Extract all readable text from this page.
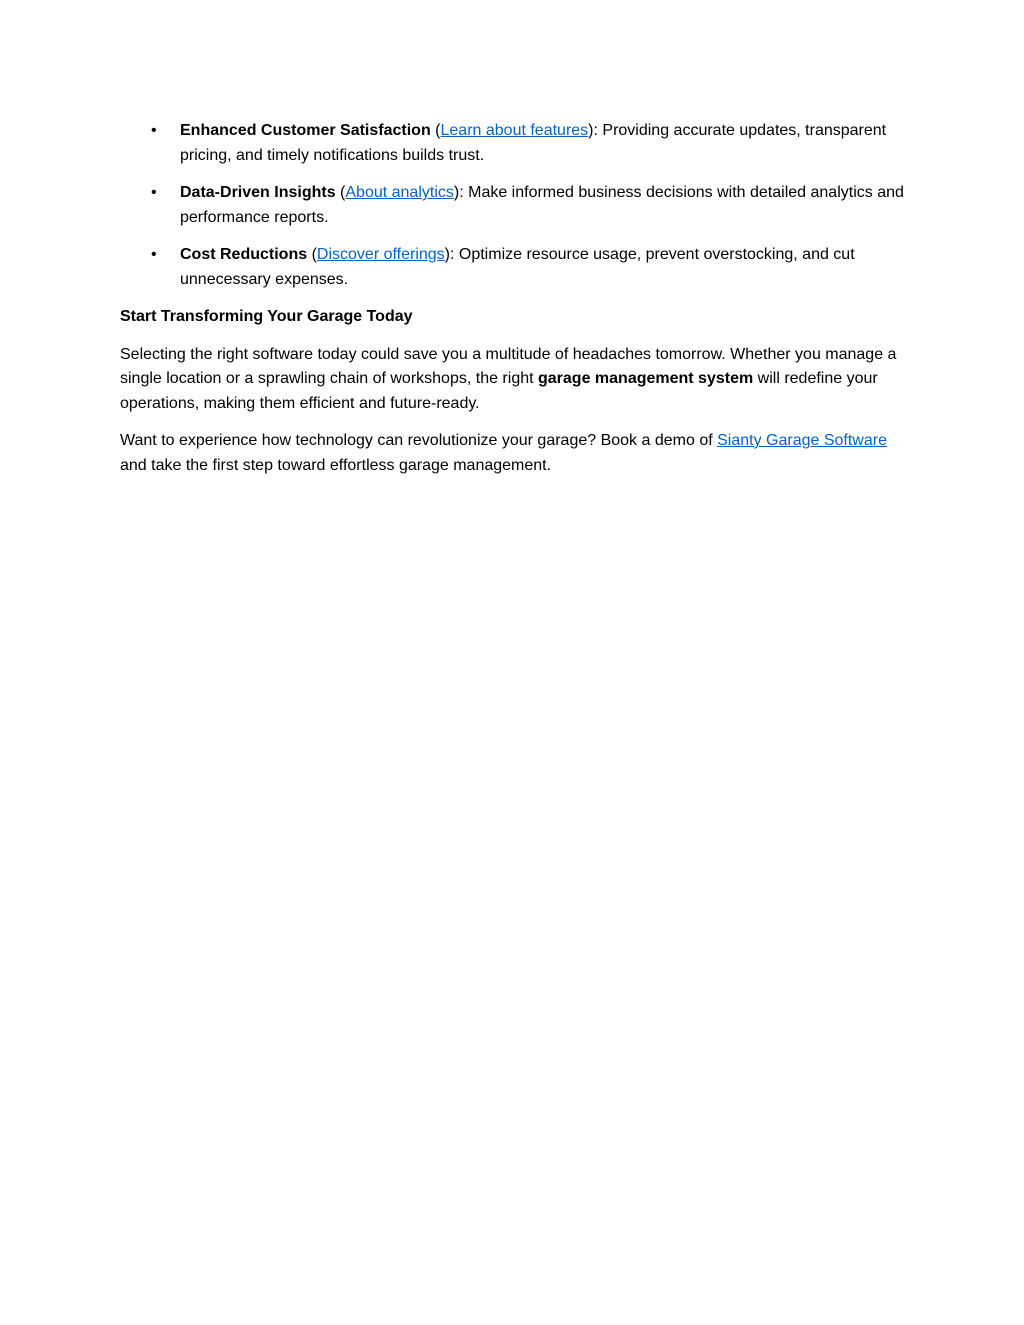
• Enhanced Customer Satisfaction (Learn about features): Providing accurate updates, transparent pricing, and timely notifications builds trust.
• Data-Driven Insights (About analytics): Make informed business decisions with detailed analytics and performance reports.
• Cost Reductions (Discover offerings): Optimize resource usage, prevent overstocking, and cut unnecessary expenses.
Start Transforming Your Garage Today

Selecting the right software today could save you a multitude of headaches tomorrow. Whether you manage a single location or a sprawling chain of workshops, the right garage management system will redefine your operations, making them efficient and future-ready.

Want to experience how technology can revolutionize your garage? Book a demo of Sianty Garage Software and take the first step toward effortless garage management.
